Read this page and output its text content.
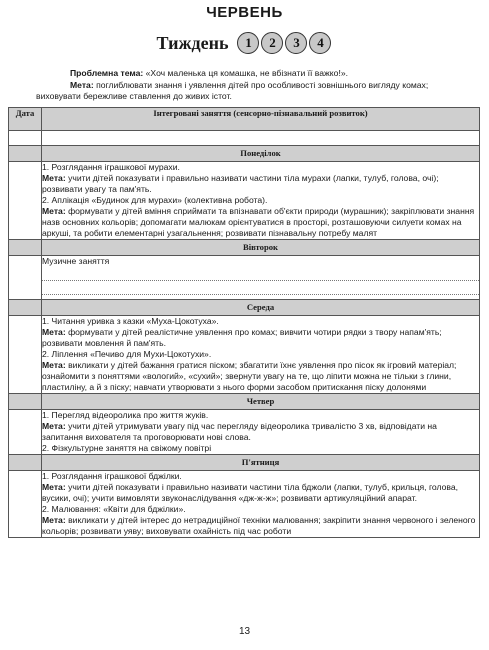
ЧЕРВЕНЬ
Тиждень	1	2	3	4

Проблемна тема: «Хоч маленька ця комашка, не вбізнати її важко!».

Мета: поглиблювати знання і уявлення дітей про особливості зовнішнього вигляду комах;

виховувати бережливе ставлення до живих істот.

Дата	Інтегровані заняття (сенсорно-пізнавальний розвиток)

	Понеділок

	1. Розглядання іграшкової мурахи.

Мета: учити дітей показувати і правильно називати частини тіла мурахи (лапки, тулуб, голова, очі); розвивати увагу та пам'ять.

2. Аплікація «Будинок для мурахи» (колективна робота).

Мета: формувати у дітей вміння сприймати та впізнавати об'єкти природи (мурашник); закріплювати знання назв основних кольорів; допомагати малюкам орієнтуватися в просторі, розташовуючи силуети комах на аркуші, та робити елементарні узагальнення; розвивати пізнавальну потребу малят

	Вівторок

	Музичне заняття

	Середа

	1. Читання уривка з казки «Муха-Цокотуха».

Мета: формувати у дітей реалістичне уявлення про комах; вивчити чотири рядки з твору напам'ять; розвивати мовлення й пам'ять.

2. Ліплення «Печиво для Мухи-Цокотухи».

Мета: викликати у дітей бажання гратися піском; збагатити їхнє уявлення про пісок як ігровий матеріал; ознайомити з поняттями «вологий», «сухий»; звернути увагу на те, що ліпити можна не тільки з глини, пластиліну, а й з піску; навчати утворювати з нього форми засобом притискання піску долонями

	Четвер

	1. Перегляд відеоролика про життя жуків.

Мета: учити дітей утримувати увагу під час перегляду відеоролика тривалістю 3 хв, відповідати на запитання вихователя та проговорювати нові слова.

2. Фізкультурне заняття на свіжому повітрі

	П'ятниця

	1. Розглядання іграшкової бджілки.

Мета: учити дітей показувати і правильно називати частини тіла бджоли (лапки, тулуб, крильця, голова, вусики, очі); учити вимовляти звуконаслідування «дж-ж-ж»; розвивати артикуляційний апарат.

2. Малювання: «Квіти для бджілки».

Мета: викликати у дітей інтерес до нетрадиційної техніки малювання; закріпити знання червоного і зеленого кольорів; розвивати уяву; виховувати охайність під час роботи

13
